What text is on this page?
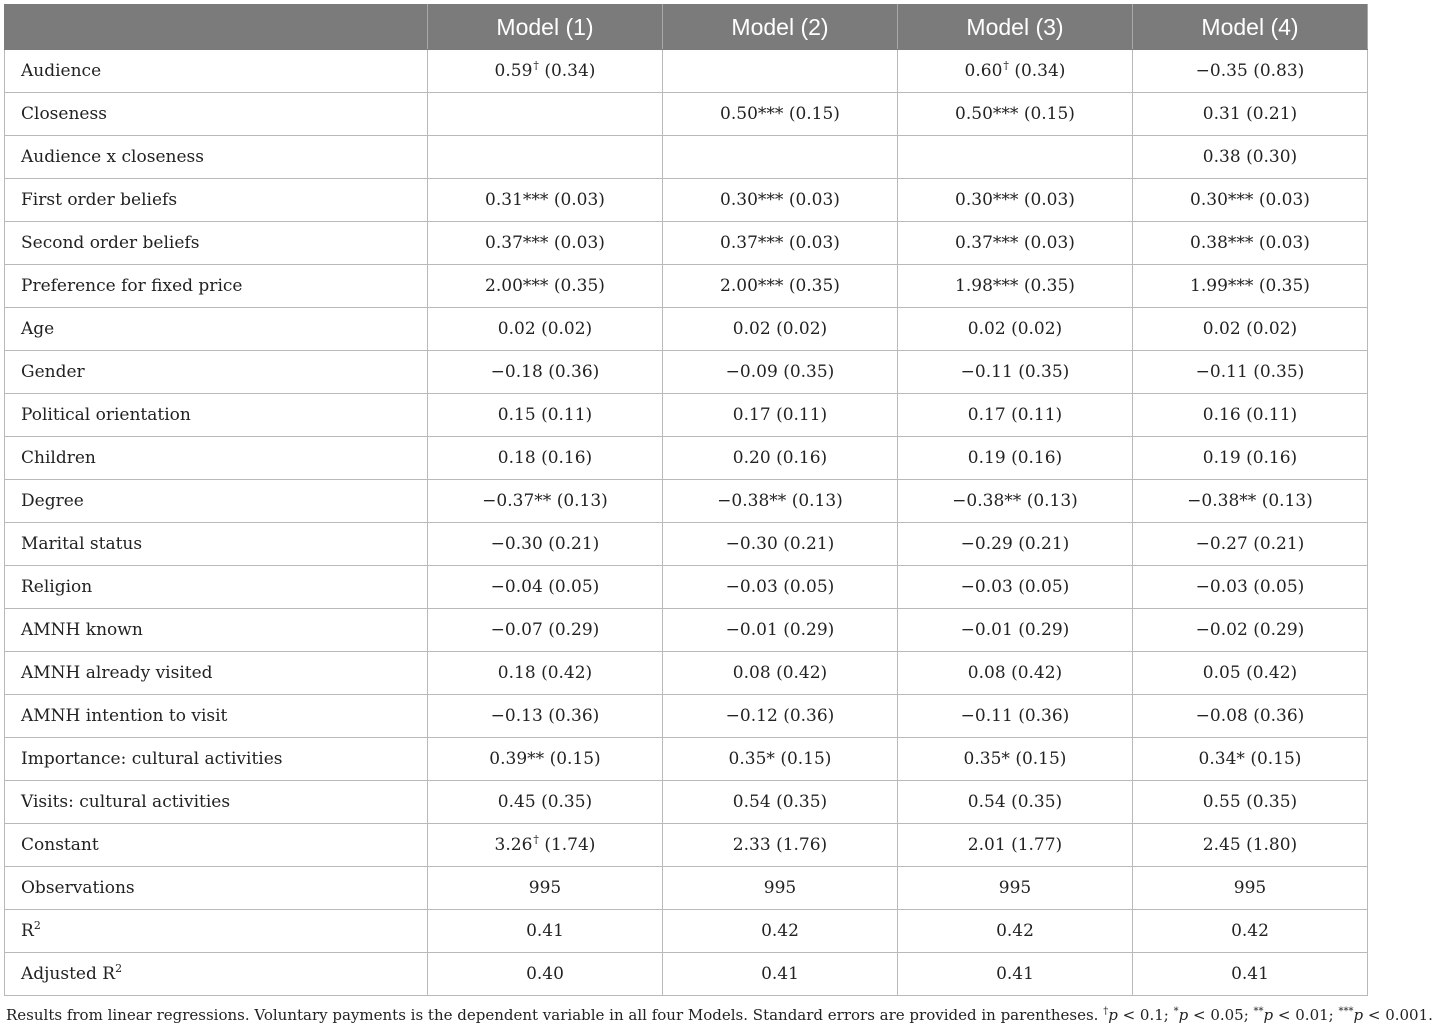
	Model (1)	Model (2)	Model (3)	Model (4)
Audience	0.59† (0.34)		0.60† (0.34)	−0.35 (0.83)
Closeness		0.50*** (0.15)	0.50*** (0.15)	0.31 (0.21)
Audience x closeness				0.38 (0.30)
First order beliefs	0.31*** (0.03)	0.30*** (0.03)	0.30*** (0.03)	0.30*** (0.03)
Second order beliefs	0.37*** (0.03)	0.37*** (0.03)	0.37*** (0.03)	0.38*** (0.03)
Preference for fixed price	2.00*** (0.35)	2.00*** (0.35)	1.98*** (0.35)	1.99*** (0.35)
Age	0.02 (0.02)	0.02 (0.02)	0.02 (0.02)	0.02 (0.02)
Gender	−0.18 (0.36)	−0.09 (0.35)	−0.11 (0.35)	−0.11 (0.35)
Political orientation	0.15 (0.11)	0.17 (0.11)	0.17 (0.11)	0.16 (0.11)
Children	0.18 (0.16)	0.20 (0.16)	0.19 (0.16)	0.19 (0.16)
Degree	−0.37** (0.13)	−0.38** (0.13)	−0.38** (0.13)	−0.38** (0.13)
Marital status	−0.30 (0.21)	−0.30 (0.21)	−0.29 (0.21)	−0.27 (0.21)
Religion	−0.04 (0.05)	−0.03 (0.05)	−0.03 (0.05)	−0.03 (0.05)
AMNH known	−0.07 (0.29)	−0.01 (0.29)	−0.01 (0.29)	−0.02 (0.29)
AMNH already visited	0.18 (0.42)	0.08 (0.42)	0.08 (0.42)	0.05 (0.42)
AMNH intention to visit	−0.13 (0.36)	−0.12 (0.36)	−0.11 (0.36)	−0.08 (0.36)
Importance: cultural activities	0.39** (0.15)	0.35* (0.15)	0.35* (0.15)	0.34* (0.15)
Visits: cultural activities	0.45 (0.35)	0.54 (0.35)	0.54 (0.35)	0.55 (0.35)
Constant	3.26† (1.74)	2.33 (1.76)	2.01 (1.77)	2.45 (1.80)
Observations	995	995	995	995
$R^2$	0.41	0.42	0.42	0.42
Adjusted $R^2$	0.40	0.41	0.41	0.41
Results from linear regressions. Voluntary payments is the dependent variable in all four Models. Standard errors are provided in parentheses. †p < 0.1; *p < 0.05; **p < 0.01; ***p < 0.001.
